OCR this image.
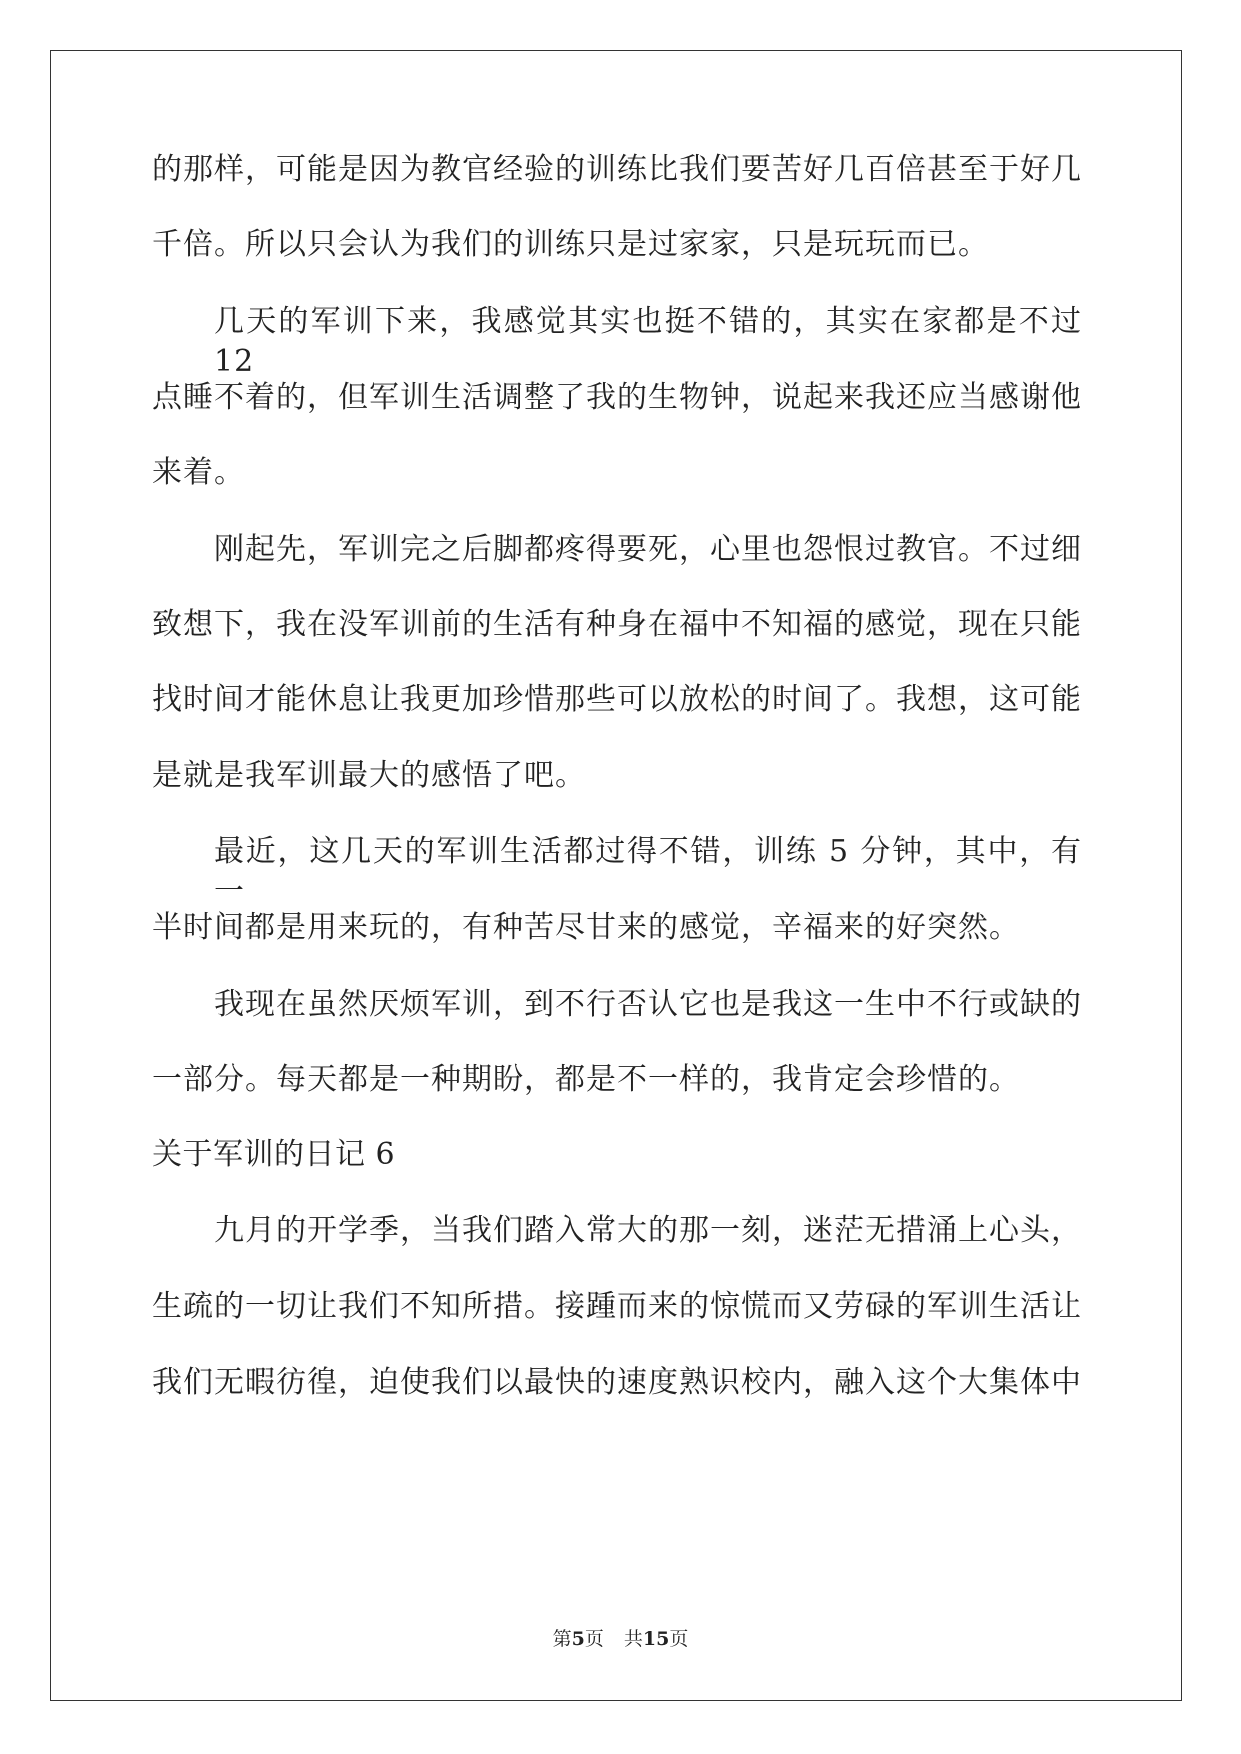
的那样，可能是因为教官经验的训练比我们要苦好几百倍甚至于好几
千倍。所以只会认为我们的训练只是过家家，只是玩玩而已。
几天的军训下来，我感觉其实也挺不错的，其实在家都是不过 12
点睡不着的，但军训生活调整了我的生物钟，说起来我还应当感谢他
来着。
刚起先，军训完之后脚都疼得要死，心里也怨恨过教官。不过细
致想下，我在没军训前的生活有种身在福中不知福的感觉，现在只能
找时间才能休息让我更加珍惜那些可以放松的时间了。我想，这可能
是就是我军训最大的感悟了吧。
最近，这几天的军训生活都过得不错，训练 5 分钟，其中，有一
半时间都是用来玩的，有种苦尽甘来的感觉，辛福来的好突然。
我现在虽然厌烦军训，到不行否认它也是我这一生中不行或缺的
一部分。每天都是一种期盼，都是不一样的，我肯定会珍惜的。
关于军训的日记 6
九月的开学季，当我们踏入常大的那一刻，迷茫无措涌上心头，
生疏的一切让我们不知所措。接踵而来的惊慌而又劳碌的军训生活让
我们无暇彷徨，迫使我们以最快的速度熟识校内，融入这个大集体中
第5页 共15页
